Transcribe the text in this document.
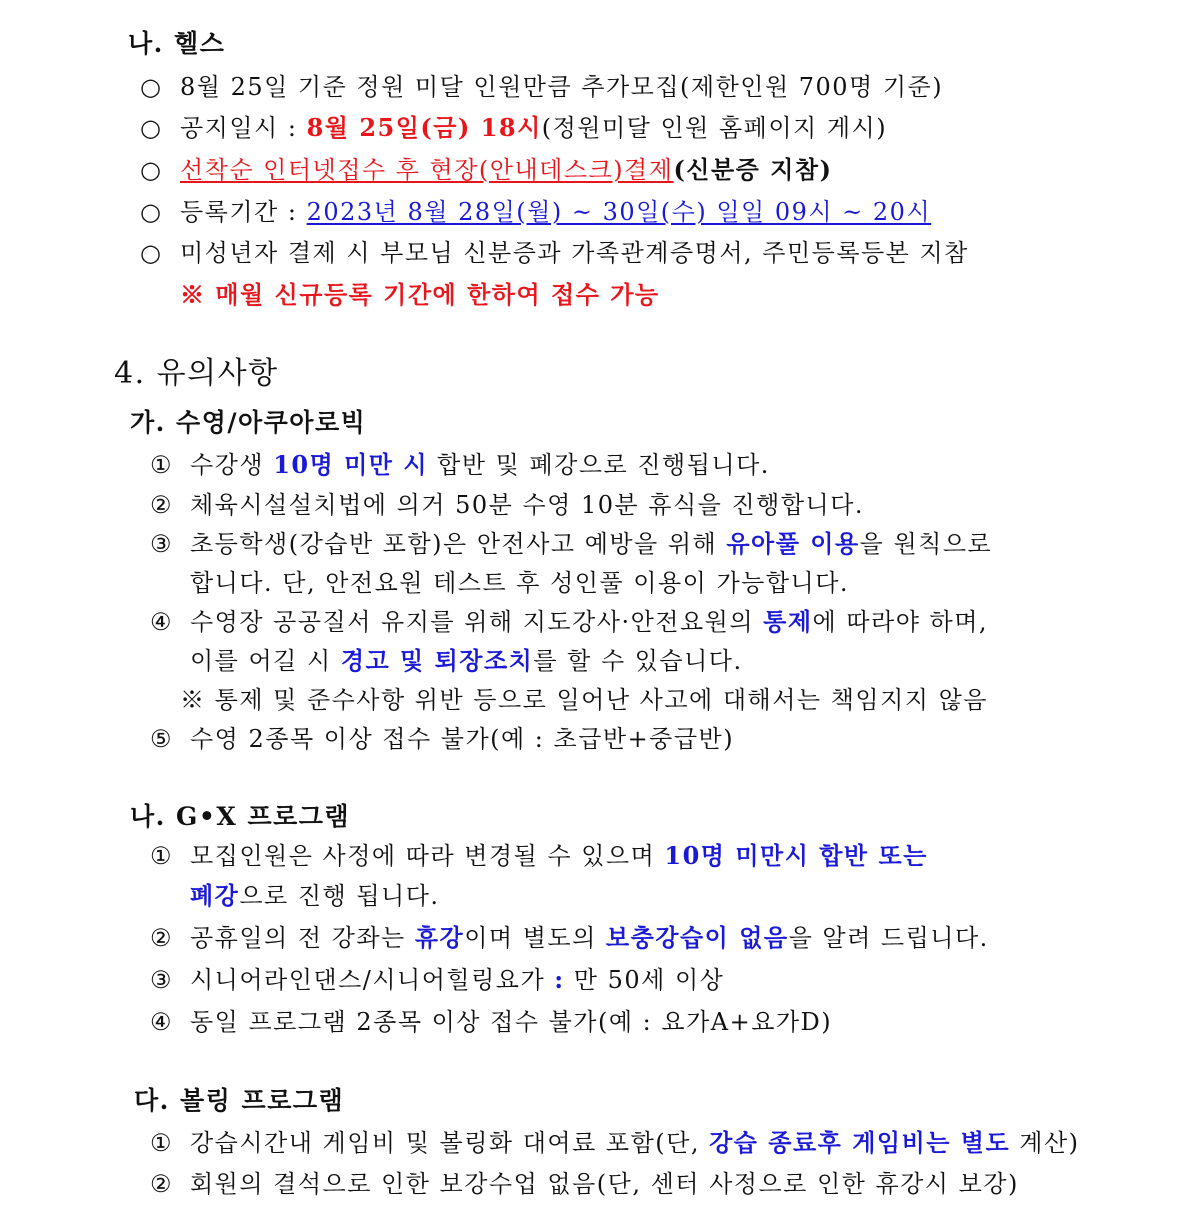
나. 헬스
○ 8월 25일 기준 정원 미달 인원만큼 추가모집(제한인원 700명 기준)
○ 공지일시 : 8월 25일(금) 18시(정원미달 인원 홈페이지 게시)
○ 선착순 인터넷접수 후 현장(안내데스크)결제(신분증 지참)
○ 등록기간 : 2023년 8월 28일(월) ~ 30일(수) 일일 09시 ~ 20시
○ 미성년자 결제 시 부모님 신분증과 가족관계증명서, 주민등록등본 지참
※ 매월 신규등록 기간에 한하여 접수 가능
4. 유의사항
가. 수영/아쿠아로빅
① 수강생 10명 미만 시 합반 및 폐강으로 진행됩니다.
② 체육시설설치법에 의거 50분 수영 10분 휴식을 진행합니다.
③ 초등학생(강습반 포함)은 안전사고 예방을 위해 유아풀 이용을 원칙으로
합니다. 단, 안전요원 테스트 후 성인풀 이용이 가능합니다.
④ 수영장 공공질서 유지를 위해 지도강사·안전요원의 통제에 따라야 하며,
이를 어길 시 경고 및 퇴장조치를 할 수 있습니다.
※ 통제 및 준수사항 위반 등으로 일어난 사고에 대해서는 책임지지 않음
⑤ 수영 2종목 이상 접수 불가(예 : 초급반+중급반)
나. G•X 프로그램
① 모집인원은 사정에 따라 변경될 수 있으며 10명 미만시 합반 또는
폐강으로 진행 됩니다.
② 공휴일의 전 강좌는 휴강이며 별도의 보충강습이 없음을 알려 드립니다.
③ 시니어라인댄스/시니어힐링요가 : 만 50세 이상
④ 동일 프로그램 2종목 이상 접수 불가(예 : 요가A+요가D)
다. 볼링 프로그램
① 강습시간내 게임비 및 볼링화 대여료 포함(단, 강습 종료후 게임비는 별도 계산)
② 회원의 결석으로 인한 보강수업 없음(단, 센터 사정으로 인한 휴강시 보강)
